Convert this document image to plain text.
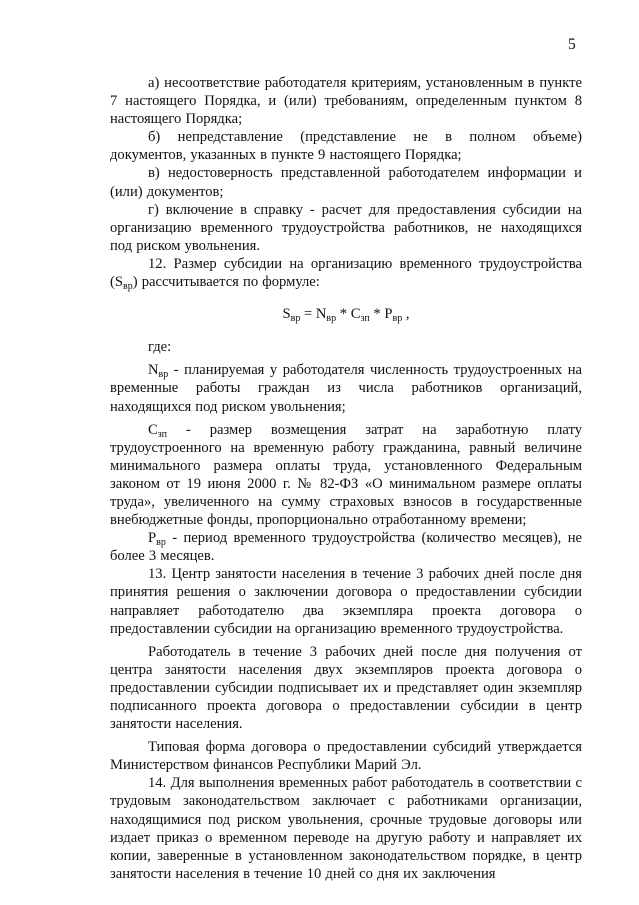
5

а) несоответствие работодателя критериям, установленным в пункте 7 настоящего Порядка, и (или) требованиям, определенным пунктом 8 настоящего Порядка;

б) непредставление (представление не в полном объеме) документов, указанных в пункте 9 настоящего Порядка;

в) недостоверность представленной работодателем информации и (или) документов;

г) включение в справку - расчет для предоставления субсидии на организацию временного трудоустройства работников, не находящихся под риском увольнения.

12. Размер субсидии на организацию временного трудоустройства $(S_{вр})$ рассчитывается по формуле:

$S_{вр} = N_{вр} * С_{зп} * Р_{вр}$ ,

где:

$N_{вр}$ - планируемая у работодателя численность трудоустроенных на временные работы граждан из числа работников организаций, находящихся под риском увольнения;

$С_{зп}$ - размер возмещения затрат на заработную плату трудоустроенного на временную работу гражданина, равный величине минимального размера оплаты труда, установленного Федеральным законом от 19 июня 2000 г. № 82-ФЗ «О минимальном размере оплаты труда», увеличенного на сумму страховых взносов в государственные внебюджетные фонды, пропорционально отработанному времени;

$Р_{вр}$ - период временного трудоустройства (количество месяцев), не более 3 месяцев.

13. Центр занятости населения в течение 3 рабочих дней после дня принятия решения о заключении договора о предоставлении субсидии направляет работодателю два экземпляра проекта договора о предоставлении субсидии на организацию временного трудоустройства.

Работодатель в течение 3 рабочих дней после дня получения от центра занятости населения двух экземпляров проекта договора о предоставлении субсидии подписывает их и представляет один экземпляр подписанного проекта договора о предоставлении субсидии в центр занятости населения.

Типовая форма договора о предоставлении субсидий утверждается Министерством финансов Республики Марий Эл.

14. Для выполнения временных работ работодатель в соответствии с трудовым законодательством заключает с работниками организации, находящимися под риском увольнения, срочные трудовые договоры или издает приказ о временном переводе на другую работу и направляет их копии, заверенные в установленном законодательством порядке, в центр занятости населения в течение 10 дней со дня их заключения
